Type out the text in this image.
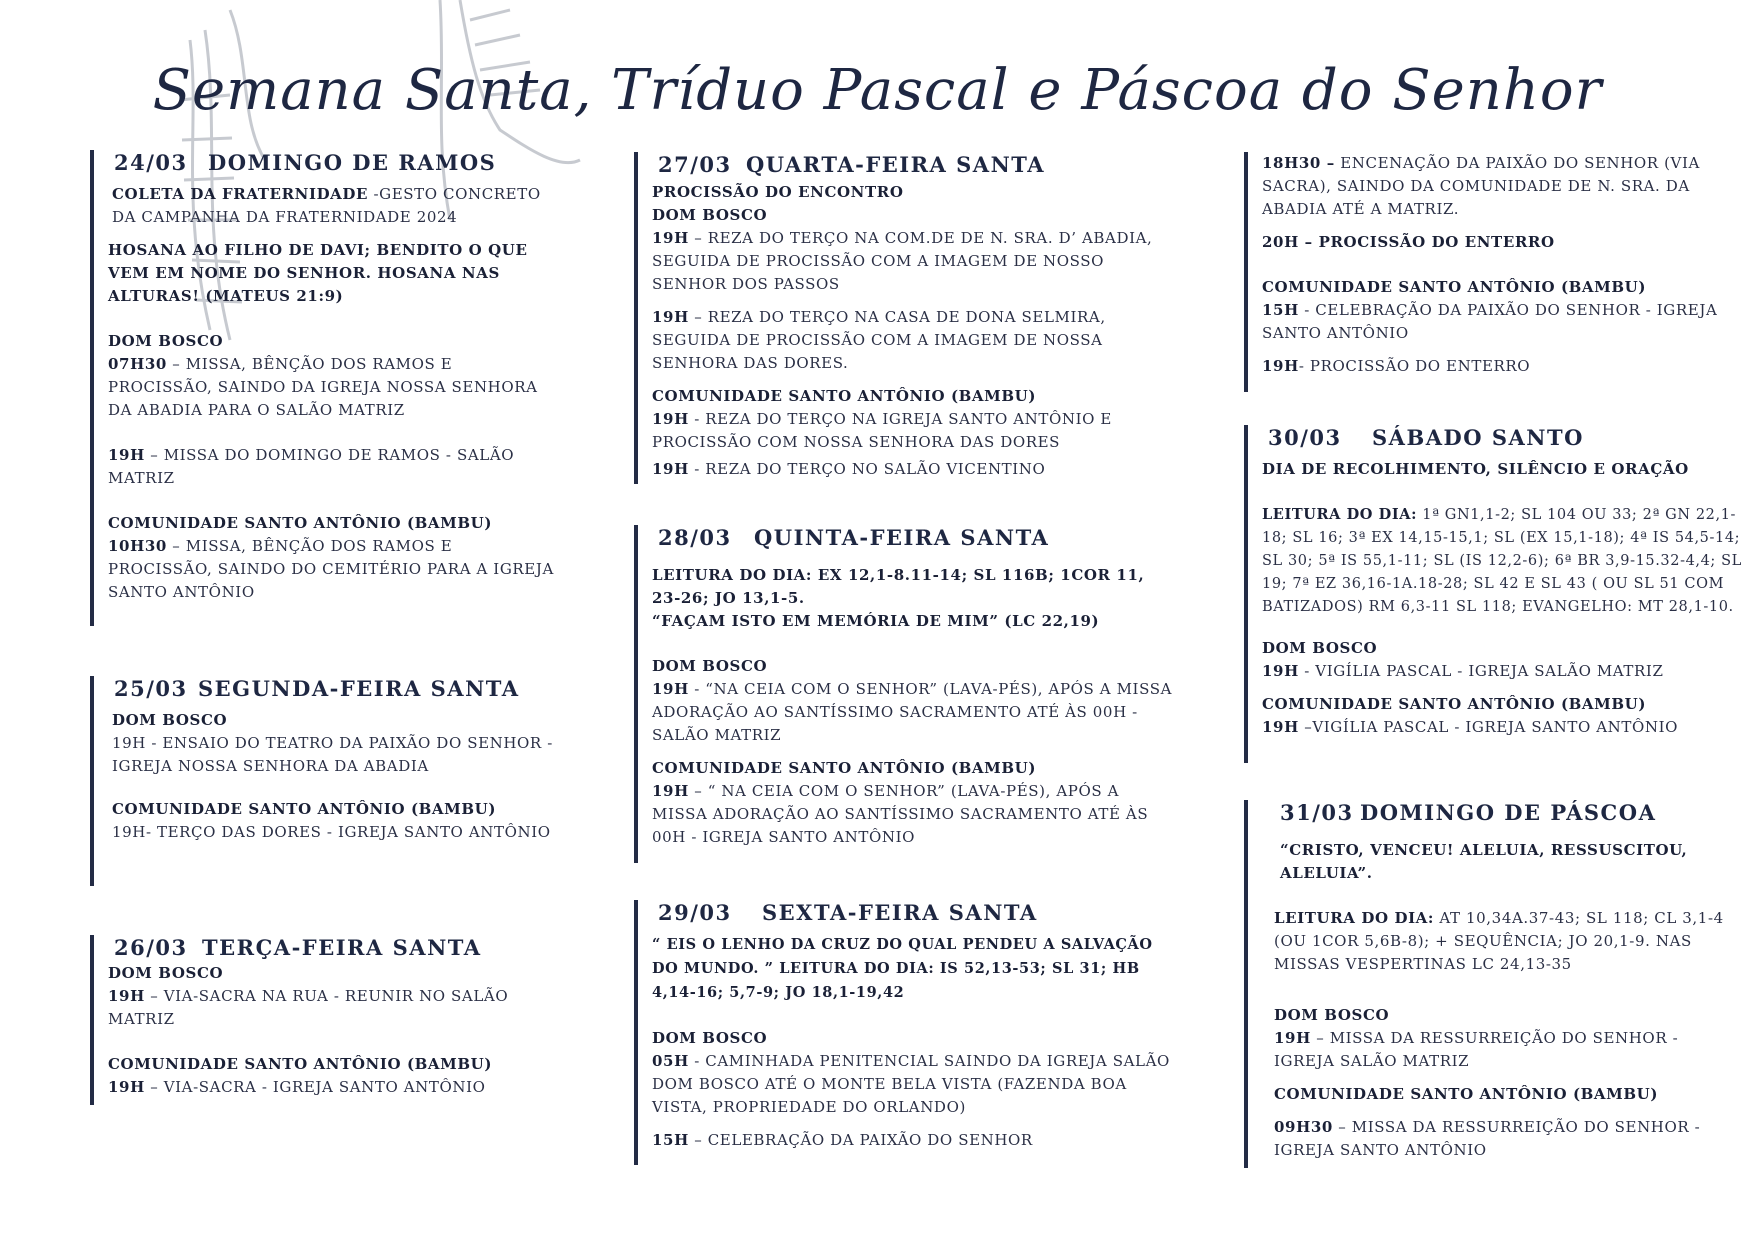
Semana Santa, Tríduo Pascal e Páscoa do Senhor
24/03 DOMINGO DE RAMOS

COLETA DA FRATERNIDADE -GESTO CONCRETO DA CAMPANHA DA FRATERNIDADE 2024

HOSANA AO FILHO DE DAVI; BENDITO O QUE VEM EM NOME DO SENHOR. HOSANA NAS ALTURAS! (MATEUS 21:9)

DOM BOSCO

07H30 – MISSA, BÊNÇÃO DOS RAMOS E PROCISSÃO, SAINDO DA IGREJA NOSSA SENHORA DA ABADIA PARA O SALÃO MATRIZ

19H – MISSA DO DOMINGO DE RAMOS - SALÃO MATRIZ

COMUNIDADE SANTO ANTÔNIO (BAMBU)

10H30 – MISSA, BÊNÇÃO DOS RAMOS E PROCISSÃO, SAINDO DO CEMITÉRIO PARA A IGREJA SANTO ANTÔNIO

25/03 SEGUNDA-FEIRA SANTA

DOM BOSCO

19H - ENSAIO DO TEATRO DA PAIXÃO DO SENHOR - IGREJA NOSSA SENHORA DA ABADIA

COMUNIDADE SANTO ANTÔNIO (BAMBU)

19H- TERÇO DAS DORES - IGREJA SANTO ANTÔNIO

26/03 TERÇA-FEIRA SANTA

DOM BOSCO

19H – VIA-SACRA NA RUA - REUNIR NO SALÃO MATRIZ

COMUNIDADE SANTO ANTÔNIO (BAMBU)

19H – VIA-SACRA - IGREJA SANTO ANTÔNIO

27/03 QUARTA-FEIRA SANTA

PROCISSÃO DO ENCONTRO

DOM BOSCO

19H – REZA DO TERÇO NA COM.DE DE N. SRA. D’ ABADIA, SEGUIDA DE PROCISSÃO COM A IMAGEM DE NOSSO SENHOR DOS PASSOS

19H – REZA DO TERÇO NA CASA DE DONA SELMIRA, SEGUIDA DE PROCISSÃO COM A IMAGEM DE NOSSA SENHORA DAS DORES.

COMUNIDADE SANTO ANTÔNIO (BAMBU)

19H - REZA DO TERÇO NA IGREJA SANTO ANTÔNIO E PROCISSÃO COM NOSSA SENHORA DAS DORES

19H - REZA DO TERÇO NO SALÃO VICENTINO

28/03 QUINTA-FEIRA SANTA

LEITURA DO DIA: EX 12,1-8.11-14; SL 116B; 1COR 11, 23-26; JO 13,1-5.

“FAÇAM ISTO EM MEMÓRIA DE MIM” (LC 22,19)

DOM BOSCO

19H - “NA CEIA COM O SENHOR” (LAVA-PÉS), APÓS A MISSA ADORAÇÃO AO SANTÍSSIMO SACRAMENTO ATÉ ÀS 00H - SALÃO MATRIZ

COMUNIDADE SANTO ANTÔNIO (BAMBU)

19H – “ NA CEIA COM O SENHOR” (LAVA-PÉS), APÓS A MISSA ADORAÇÃO AO SANTÍSSIMO SACRAMENTO ATÉ ÀS 00H - IGREJA SANTO ANTÔNIO

29/03 SEXTA-FEIRA SANTA

“ EIS O LENHO DA CRUZ DO QUAL PENDEU A SALVAÇÃO DO MUNDO. ” LEITURA DO DIA: IS 52,13-53; SL 31; HB 4,14-16; 5,7-9; JO 18,1-19,42

DOM BOSCO

05H - CAMINHADA PENITENCIAL SAINDO DA IGREJA SALÃO DOM BOSCO ATÉ O MONTE BELA VISTA (FAZENDA BOA VISTA, PROPRIEDADE DO ORLANDO)

15H – CELEBRAÇÃO DA PAIXÃO DO SENHOR

18H30 – ENCENAÇÃO DA PAIXÃO DO SENHOR (VIA SACRA), SAINDO DA COMUNIDADE DE N. SRA. DA ABADIA ATÉ A MATRIZ.

20H – PROCISSÃO DO ENTERRO

COMUNIDADE SANTO ANTÔNIO (BAMBU)

15H - CELEBRAÇÃO DA PAIXÃO DO SENHOR - IGREJA SANTO ANTÔNIO

19H- PROCISSÃO DO ENTERRO

30/03 SÁBADO SANTO

DIA DE RECOLHIMENTO, SILÊNCIO E ORAÇÃO

LEITURA DO DIA: 1ª GN1,1-2; SL 104 OU 33; 2ª GN 22,1-18; SL 16; 3ª EX 14,15-15,1; SL (EX 15,1-18); 4ª IS 54,5-14; SL 30; 5ª IS 55,1-11; SL (IS 12,2-6); 6ª BR 3,9-15.32-4,4; SL 19; 7ª EZ 36,16-1A.18-28; SL 42 E SL 43 ( OU SL 51 COM BATIZADOS) RM 6,3-11 SL 118; EVANGELHO: MT 28,1-10.

DOM BOSCO

19H - VIGÍLIA PASCAL - IGREJA SALÃO MATRIZ

COMUNIDADE SANTO ANTÔNIO (BAMBU)

19H –VIGÍLIA PASCAL - IGREJA SANTO ANTÔNIO

31/03 DOMINGO DE PÁSCOA

“CRISTO, VENCEU! ALELUIA, RESSUSCITOU, ALELUIA”.

LEITURA DO DIA: AT 10,34A.37-43; SL 118; CL 3,1-4 (OU 1COR 5,6B-8); + SEQUÊNCIA; JO 20,1-9. NAS MISSAS VESPERTINAS LC 24,13-35

DOM BOSCO

19H – MISSA DA RESSURREIÇÃO DO SENHOR - IGREJA SALÃO MATRIZ

COMUNIDADE SANTO ANTÔNIO (BAMBU)

09H30 – MISSA DA RESSURREIÇÃO DO SENHOR - IGREJA SANTO ANTÔNIO
